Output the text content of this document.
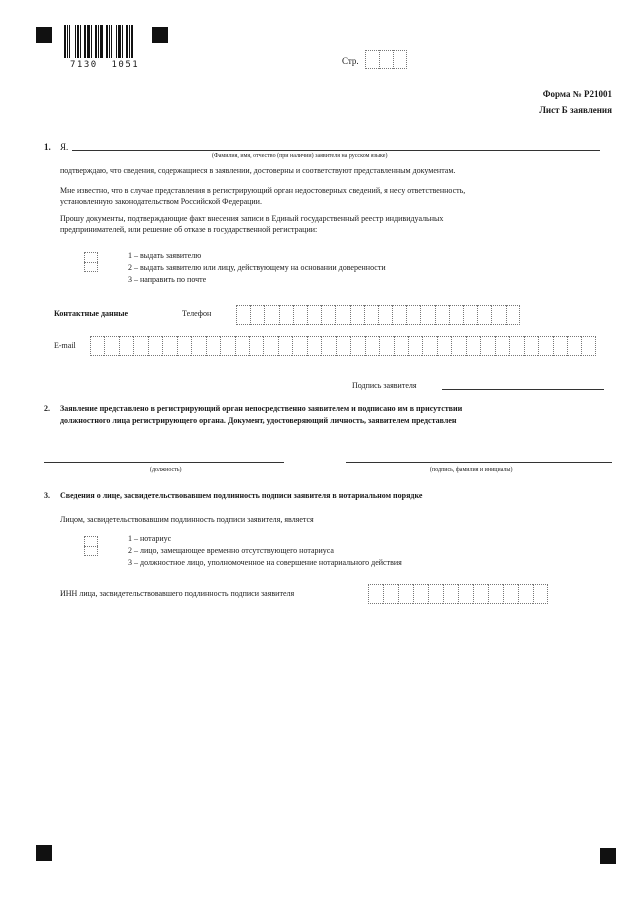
7130  1051	Стр.
Форма № Р21001
Лист Б заявления
1. Я.
(Фамилия, имя, отчество (при наличии) заявителя на русском языке)
подтверждаю, что сведения, содержащиеся в заявлении, достоверны и соответствуют представленным документам.
Мне известно, что в случае представления в регистрирующий орган недостоверных сведений, я несу ответственность,
установленную законодательством Российской Федерации.
Прошу документы, подтверждающие факт внесения записи в Единый государственный реестр индивидуальных
предпринимателей, или решение об отказе в государственной регистрации:
1 – выдать заявителю
2 – выдать заявителю или лицу, действующему на основании доверенности
3 – направить по почте
Контактные данные	Телефон
E-mail
Подпись заявителя
2. Заявление представлено в регистрирующий орган непосредственно заявителем и подписано им в присутствии
должностного лица регистрирующего органа. Документ, удостоверяющий личность, заявителем представлен
(должность)	(подпись, фамилия и инициалы)
3. Сведения о лице, засвидетельствовавшем подлинность подписи заявителя в нотариальном порядке
Лицом, засвидетельствовавшим подлинность подписи заявителя, является
1 – нотариус
2 – лицо, замещающее временно отсутствующего нотариуса
3 – должностное лицо, уполномоченное на совершение нотариального действия
ИНН лица, засвидетельствовавшего подлинность подписи заявителя
